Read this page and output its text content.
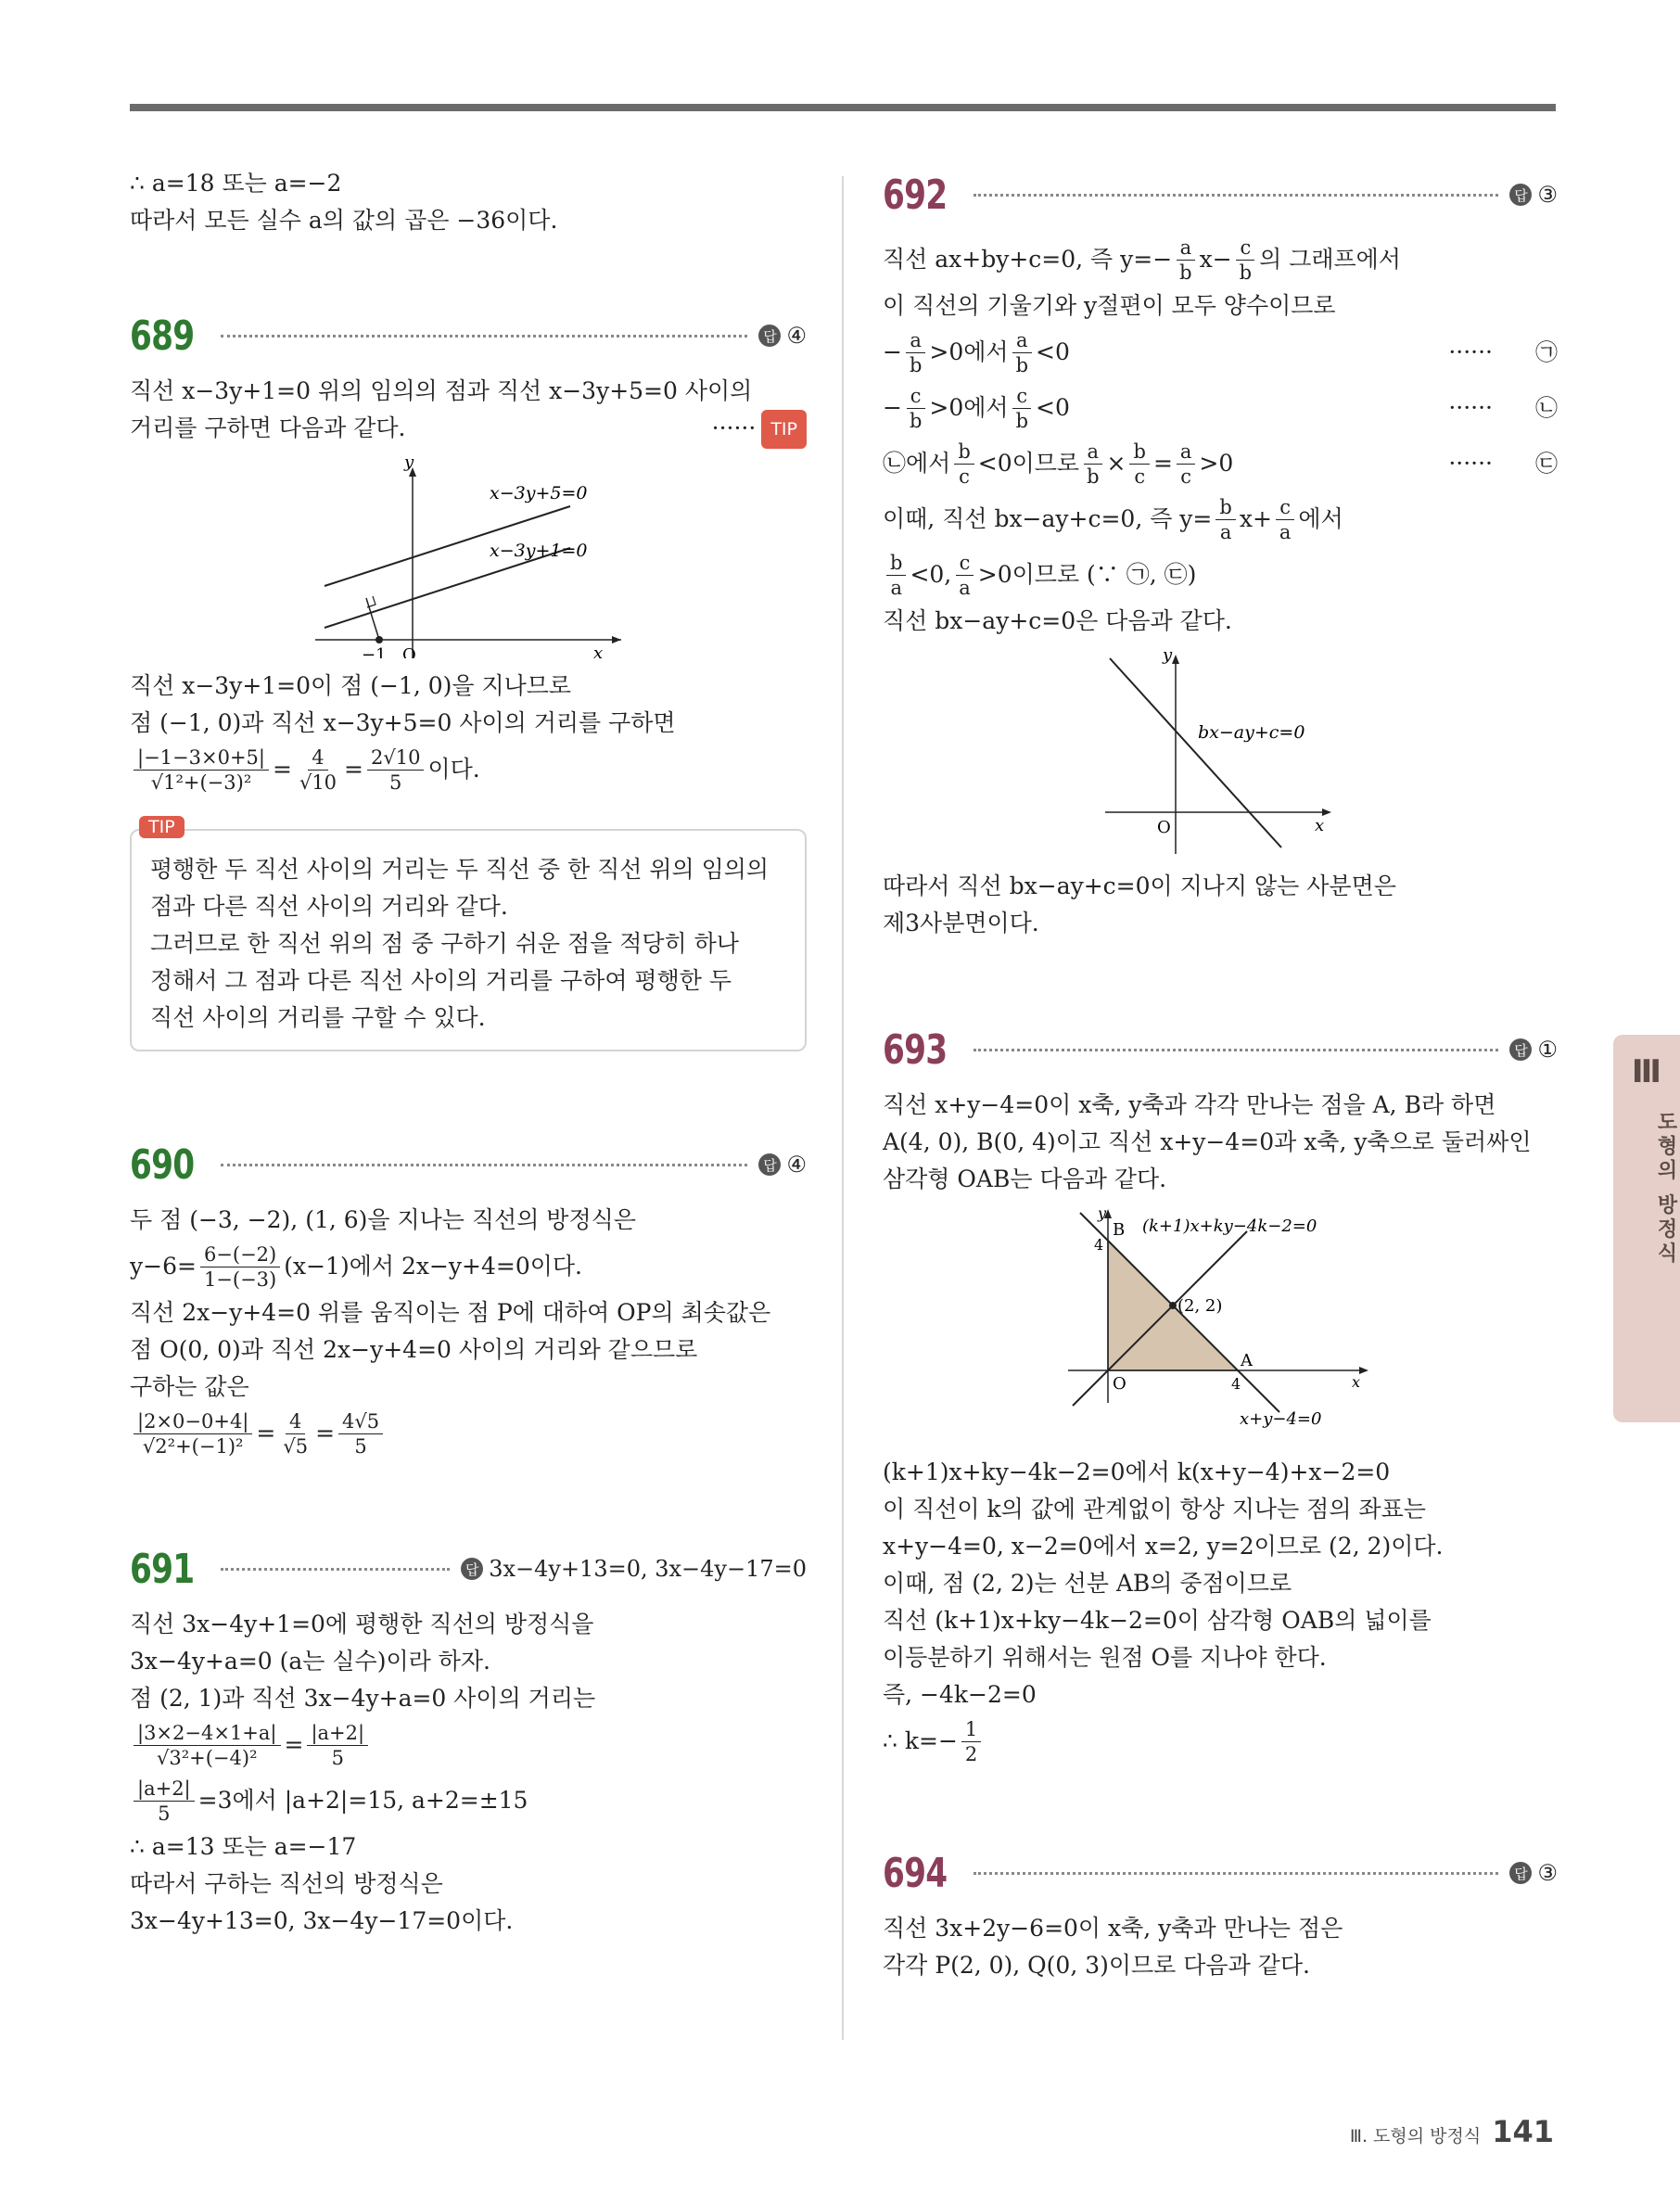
∴ a=18 또는 a=−2
따라서 모든 실수 a의 값의 곱은 −36이다.
689	답 ④
직선 x−3y+1=0 위의 임의의 점과 직선 x−3y+5=0 사이의
거리를 구하면 다음과 같다.	······ TIP
x−3y+5=0
x−3y+1=0
y
x
O
−1
직선 x−3y+1=0이 점 (−1, 0)을 지나므로
점 (−1, 0)과 직선 x−3y+5=0 사이의 거리를 구하면
$\frac{|-1-3\times 0+5|}{\text{√1²+(−3)²}} = \frac{4}{√10} = \frac{2√10}{5}$ 이다.
TIP
평행한 두 직선 사이의 거리는 두 직선 중 한 직선 위의 임의의
점과 다른 직선 사이의 거리와 같다.
그러므로 한 직선 위의 점 중 구하기 쉬운 점을 적당히 하나
정해서 그 점과 다른 직선 사이의 거리를 구하여 평행한 두
직선 사이의 거리를 구할 수 있다.
690	답 ④
두 점 (−3, −2), (1, 6)을 지나는 직선의 방정식은
$y-6= \frac{6-(-2)}{1-(-3)} (x-1)$에서 2x−y+4=0이다.
직선 2x−y+4=0 위를 움직이는 점 P에 대하여 OP의 최솟값은
점 O(0, 0)과 직선 2x−y+4=0 사이의 거리와 같으므로
구하는 값은
$\frac{|2\times 0-0+4|}{\text{√2²+(−1)²}} = \frac{4}{√5} = \frac{4√5}{5}$
691	답 3x−4y+13=0, 3x−4y−17=0
직선 3x−4y+1=0에 평행한 직선의 방정식을
3x−4y+a=0 (a는 실수)이라 하자.
점 (2, 1)과 직선 3x−4y+a=0 사이의 거리는
$\frac{|3\times 2-4\times 1+a|}{\text{√3²+(−4)²}} = \frac{|a+2|}{5}$
$\frac{|a+2|}{5} =3$에서 |a+2|=15, a+2=±15
∴ a=13 또는 a=−17
따라서 구하는 직선의 방정식은
3x−4y+13=0, 3x−4y−17=0이다.
692	답 ③
직선 ax+by+c=0, 즉 $y=- \frac{a}{b} x- \frac{c}{b}$ 의 그래프에서
이 직선의 기울기와 y절편이 모두 양수이므로
− $\frac{a}{b} >0$에서 $\frac{a}{b} <0$	······	㉠
− $\frac{c}{b} >0$에서 $\frac{c}{b} <0$	······	㉡
㉡에서 $\frac{b}{c} <0$이므로 $\frac{a}{b} \times \frac{b}{c} = \frac{a}{c} >0$	······	㉢
이때, 직선 bx−ay+c=0, 즉 $y= \frac{b}{a} x+ \frac{c}{a}$ 에서
$\frac{b}{a} <0$, $\frac{c}{a} >0$이므로 (∵ ㉠, ㉢)
직선 bx−ay+c=0은 다음과 같다.
bx−ay+c=0
y
x
O
따라서 직선 bx−ay+c=0이 지나지 않는 사분면은
제3사분면이다.
693	답 ①
직선 x+y−4=0이 x축, y축과 각각 만나는 점을 A, B라 하면
A(4, 0), B(0, 4)이고 직선 x+y−4=0과 x축, y축으로 둘러싸인
삼각형 OAB는 다음과 같다.
y
B
4
(k+1)x+ky−4k−2=0
(2, 2)
A
O	4	x
x+y−4=0
(k+1)x+ky−4k−2=0에서 k(x+y−4)+x−2=0
이 직선이 k의 값에 관계없이 항상 지나는 점의 좌표는
x+y−4=0, x−2=0에서 x=2, y=2이므로 (2, 2)이다.
이때, 점 (2, 2)는 선분 AB의 중점이므로
직선 (k+1)x+ky−4k−2=0이 삼각형 OAB의 넓이를
이등분하기 위해서는 원점 O를 지나야 한다.
즉, −4k−2=0
∴ $k=- \frac{1}{2}$
694	답 ③
직선 3x+2y−6=0이 x축, y축과 만나는 점은
각각 P(2, 0), Q(0, 3)이므로 다음과 같다.
Ⅲ
도형의 방정식
Ⅲ. 도형의 방정식 141
